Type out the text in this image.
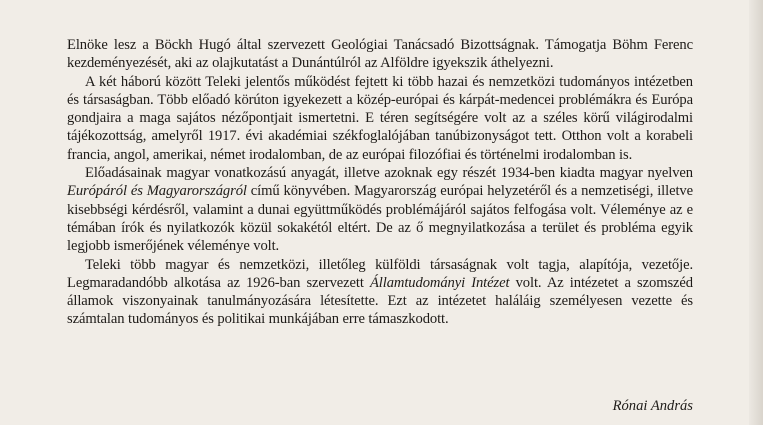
Elnöke lesz a Böckh Hugó által szervezett Geológiai Tanácsadó Bizottságnak. Támogatja Böhm Ferenc kezdeményezését, aki az olajkutatást a Dunántúlról az Alföldre igyekszik áthelyezni.

A két háború között Teleki jelentős működést fejtett ki több hazai és nemzetközi tudományos intézetben és társaságban. Több előadó körúton igyekezett a közép-európai és kárpát-medencei problémákra és Európa gondjaira a maga sajátos nézőpontjait ismertetni. E téren segítségére volt az a széles körű világirodalmi tájékozottság, amelyről 1917. évi akadémiai székfoglalójában tanúbizonyságot tett. Otthon volt a korabeli francia, angol, amerikai, német irodalomban, de az európai filozófiai és történelmi irodalomban is.

Előadásainak magyar vonatkozású anyagát, illetve azoknak egy részét 1934-ben kiadta magyar nyelven Európáról és Magyarországról című könyvében. Magyarország európai helyzetéről és a nemzetiségi, illetve kisebbségi kérdésről, valamint a dunai együttműködés problémájáról sajátos felfogása volt. Véleménye az e témában írók és nyilatkozók közül sokakétól eltért. De az ő megnyilatkozása a terület és probléma egyik legjobb ismerőjének véleménye volt.

Teleki több magyar és nemzetközi, illetőleg külföldi társaságnak volt tagja, alapítója, vezetője. Legmaradandóbb alkotása az 1926-ban szervezett Államtudományi Intézet volt. Az intézetet a szomszéd államok viszonyainak tanulmányozására létesítette. Ezt az intézetet haláláig személyesen vezette és számtalan tudományos és politikai munkájában erre támaszkodott.

Rónai András
